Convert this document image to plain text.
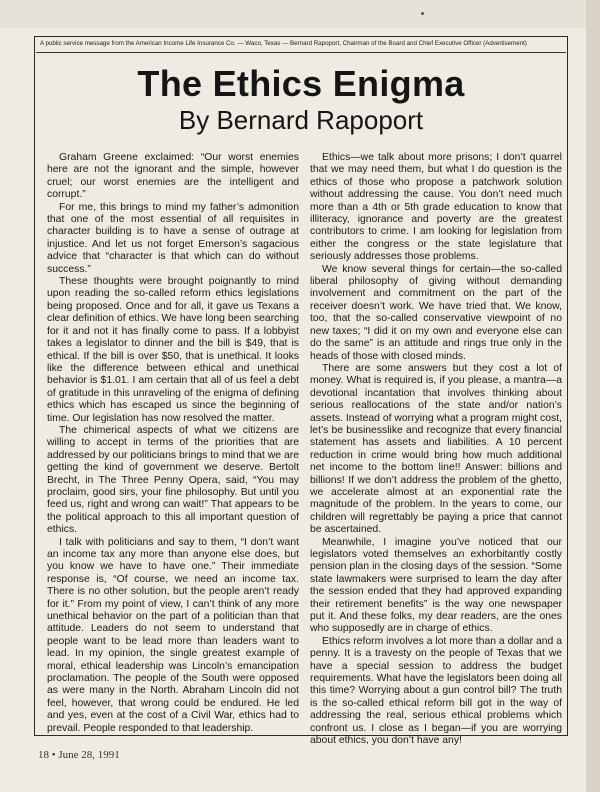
A public service message from the American Income Life Insurance Co. — Waco, Texas — Bernard Rapoport, Chairman of the Board and Chief Executive Officer (Advertisement)
The Ethics Enigma
By Bernard Rapoport

Graham Greene exclaimed: “Our worst enemies here are not the ignorant and the simple, however cruel; our worst enemies are the intelligent and corrupt.”

For me, this brings to mind my father’s admonition that one of the most essential of all requisites in character building is to have a sense of outrage at injustice. And let us not forget Emerson’s sagacious advice that “character is that which can do without success.”

These thoughts were brought poignantly to mind upon reading the so-called reform ethics legislations being proposed. Once and for all, it gave us Texans a clear definition of ethics. We have long been searching for it and not it has finally come to pass. If a lobbyist takes a legislator to dinner and the bill is $49, that is ethical. If the bill is over $50, that is unethical. It looks like the difference between ethical and unethical behavior is $1.01. I am certain that all of us feel a debt of gratitude in this unraveling of the enigma of defining ethics which has escaped us since the beginning of time. Our legislation has now resolved the matter.

The chimerical aspects of what we citizens are willing to accept in terms of the priorities that are addressed by our politicians brings to mind that we are getting the kind of government we deserve. Bertolt Brecht, in The Three Penny Opera, said, “You may proclaim, good sirs, your fine philosophy. But until you feed us, right and wrong can wait!” That appears to be the political approach to this all important question of ethics.

I talk with politicians and say to them, “I don’t want an income tax any more than anyone else does, but you know we have to have one.” Their immediate response is, “Of course, we need an income tax. There is no other solution, but the people aren’t ready for it.” From my point of view, I can’t think of any more unethical behavior on the part of a politician than that attitude. Leaders do not seem to understand that people want to be lead more than leaders want to lead. In my opinion, the single greatest example of moral, ethical leadership was Lincoln’s emancipation proclamation. The people of the South were opposed as were many in the North. Abraham Lincoln did not feel, however, that wrong could be endured. He led and yes, even at the cost of a Civil War, ethics had to prevail. People responded to that leadership.

Ethics—we talk about more prisons; I don’t quarrel that we may need them, but what I do question is the ethics of those who propose a patchwork solution without addressing the cause. You don’t need much more than a 4th or 5th grade education to know that illiteracy, ignorance and poverty are the greatest contributors to crime. I am looking for legislation from either the congress or the state legislature that seriously addresses those problems.

We know several things for certain—the so-called liberal philosophy of giving without demanding involvement and commitment on the part of the receiver doesn’t work. We have tried that. We know, too, that the so-called conservative viewpoint of no new taxes; “I did it on my own and everyone else can do the same” is an attitude and rings true only in the heads of those with closed minds.

There are some answers but they cost a lot of money. What is required is, if you please, a mantra—a devotional incantation that involves thinking about serious reallocations of the state and/or nation’s assets. Instead of worrying what a program might cost, let’s be businesslike and recognize that every financial statement has assets and liabilities. A 10 percent reduction in crime would bring how much additional net income to the bottom line!! Answer: billions and billions! If we don’t address the problem of the ghetto, we accelerate almost at an exponential rate the magnitude of the problem. In the years to come, our children will regrettably be paying a price that cannot be ascertained.

Meanwhile, I imagine you’ve noticed that our legislators voted themselves an exhorbitantly costly pension plan in the closing days of the session. “Some state lawmakers were surprised to learn the day after the session ended that they had approved expanding their retirement benefits” is the way one newspaper put it. And these folks, my dear readers, are the ones who supposedly are in charge of ethics.

Ethics reform involves a lot more than a dollar and a penny. It is a travesty on the people of Texas that we have a special session to address the budget requirements. What have the legislators been doing all this time? Worrying about a gun control bill? The truth is the so-called ethical reform bill got in the way of addressing the real, serious ethical problems which confront us. I close as I began—if you are worrying about ethics, you don’t have any!

18 • June 28, 1991
